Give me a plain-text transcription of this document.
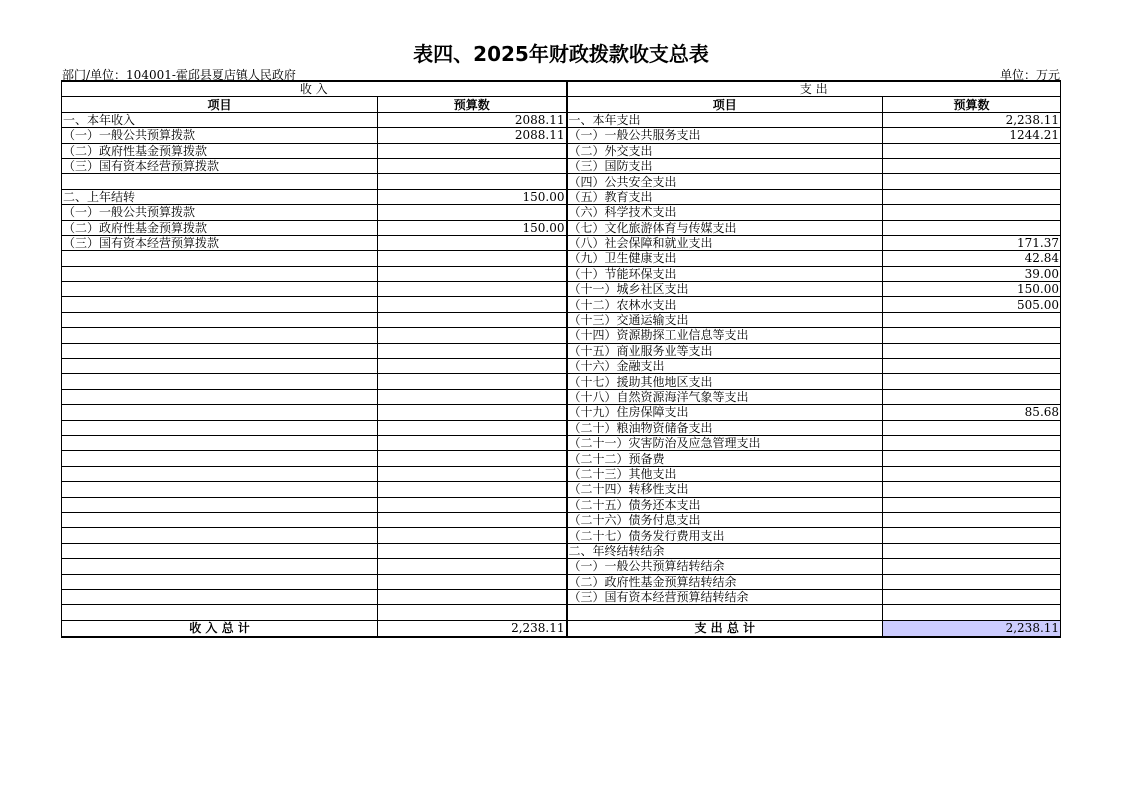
表四、2025年财政拨款收支总表
部门/单位：104001-霍邱县夏店镇人民政府	单位：万元
收 入		支 出	
项目	预算数	项目	预算数
一、本年收入	2088.11	一、本年支出	2,238.11
（一）一般公共预算拨款	2088.11	（一）一般公共服务支出	1244.21
（二）政府性基金预算拨款		（二）外交支出	
（三）国有资本经营预算拨款		（三）国防支出	
		（四）公共安全支出	
二、上年结转	150.00	（五）教育支出	
（一）一般公共预算拨款		（六）科学技术支出	
（二）政府性基金预算拨款	150.00	（七）文化旅游体育与传媒支出	
（三）国有资本经营预算拨款		（八）社会保障和就业支出	171.37
		（九）卫生健康支出	42.84
		（十）节能环保支出	39.00
		（十一）城乡社区支出	150.00
		（十二）农林水支出	505.00
		（十三）交通运输支出	
		（十四）资源勘探工业信息等支出	
		（十五）商业服务业等支出	
		（十六）金融支出	
		（十七）援助其他地区支出	
		（十八）自然资源海洋气象等支出	
		（十九）住房保障支出	85.68
		（二十）粮油物资储备支出	
		（二十一）灾害防治及应急管理支出	
		（二十二）预备费	
		（二十三）其他支出	
		（二十四）转移性支出	
		（二十五）债务还本支出	
		（二十六）债务付息支出	
		（二十七）债务发行费用支出	
		二、年终结转结余	
		（一）一般公共预算结转结余	
		（二）政府性基金预算结转结余	
		（三）国有资本经营预算结转结余	

收 入 总 计	2,238.11	支 出 总 计	2,238.11
